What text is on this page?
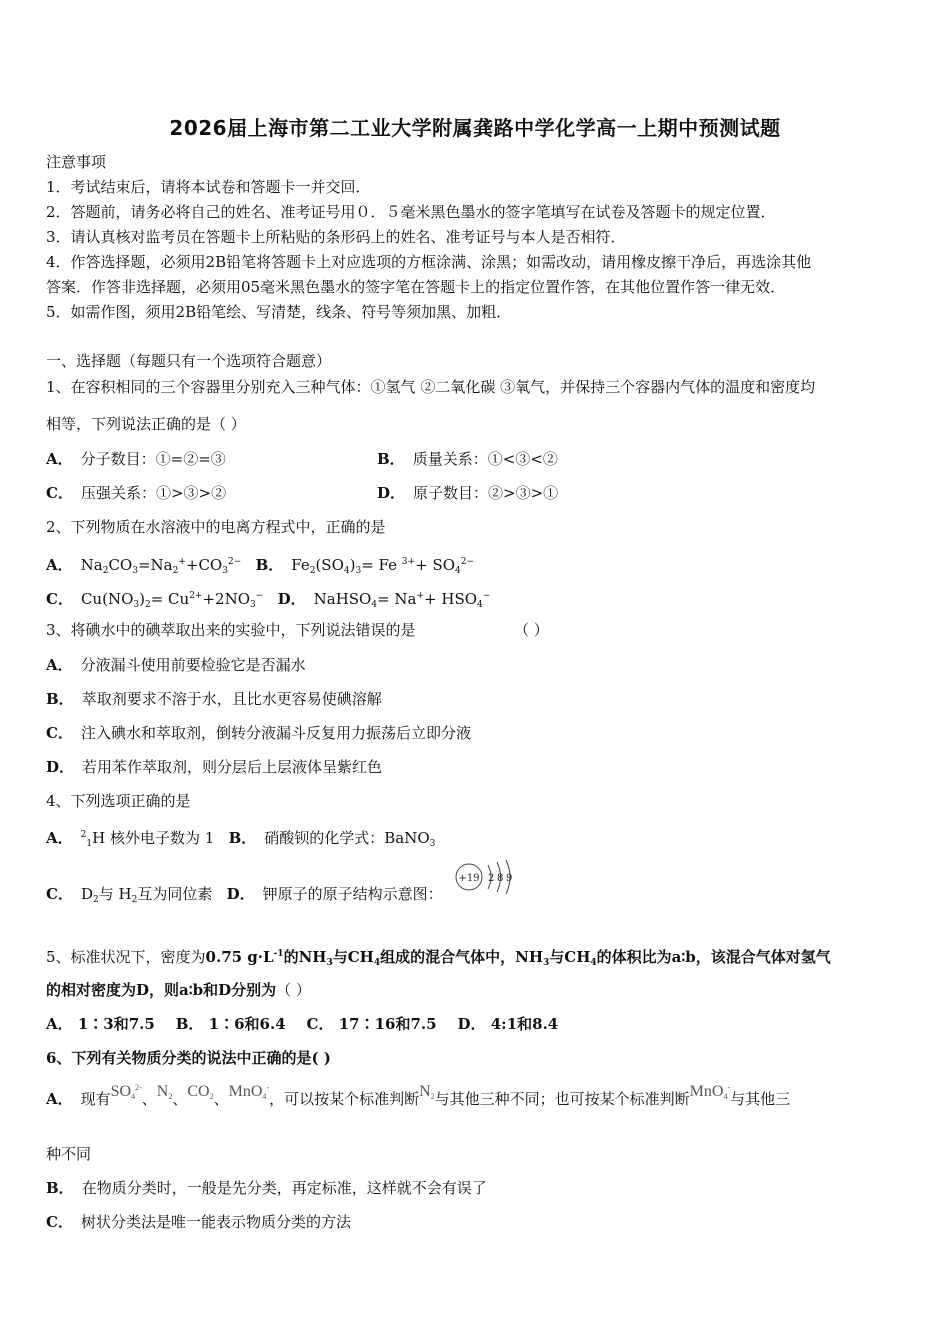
2026届上海市第二工业大学附属龚路中学化学高一上期中预测试题
注意事项
1．考试结束后，请将本试卷和答题卡一并交回．
2．答题前，请务必将自己的姓名、准考证号用０．５毫米黑色墨水的签字笔填写在试卷及答题卡的规定位置．
3．请认真核对监考员在答题卡上所粘贴的条形码上的姓名、准考证号与本人是否相符．
4．作答选择题，必须用2B铅笔将答题卡上对应选项的方框涂满、涂黑；如需改动，请用橡皮擦干净后，再选涂其他
答案．作答非选择题，必须用05毫米黑色墨水的签字笔在答题卡上的指定位置作答，在其他位置作答一律无效．
5．如需作图，须用2B铅笔绘、写清楚，线条、符号等须加黑、加粗．
一、选择题（每题只有一个选项符合题意）
1、在容积相同的三个容器里分别充入三种气体：①氢气 ②二氧化碳 ③氧气，并保持三个容器内气体的温度和密度均
相等，下列说法正确的是（ ）
A． 分子数目：①=②=③	B． 质量关系：①<③<②
C． 压强关系：①>③>②	D． 原子数目：②>③>①
2、下列物质在水溶液中的电离方程式中，正确的是
A． $Na_2CO_3=Na_2^++CO_3^{2-}$ B． $Fe_2(SO_4)_3= Fe$ $^{3+}+ SO_4^{2-}$
C． $Cu(NO_3)_2= Cu^{2+}+2NO_3^-$ D． NaHSO$_4$= $Na^++ HSO_4^-$
3、将碘水中的碘萃取出来的实验中，下列说法错误的是	（ ）
A． 分液漏斗使用前要检验它是否漏水
B． 萃取剂要求不溶于水，且比水更容易使碘溶解
C． 注入碘水和萃取剂，倒转分液漏斗反复用力振荡后立即分液
D． 若用苯作萃取剂，则分层后上层液体呈紫红色
4、下列选项正确的是
A． $^2_1$H 核外电子数为 1   B． 硝酸钡的化学式：BaNO$_3$
C． $D_2$与 $H_2$互为同位素   D． 钾原子的原子结构示意图：
+19 2 8 9
5、标准状况下，密度为0.75 $g\cdot L^{-1}$的$NH_3$与$CH_4$组成的混合气体中，$NH_3$与$CH_4$的体积比为a∶b，该混合气体对氢气
的相对密度为D，则a∶b和D分别为（ ）
A． 1∶3和7.5 B． 1∶6和6.4 C． 17∶16和7.5 D． 4:1和8.4
6、下列有关物质分类的说法中正确的是( )
A． 现有$SO_4^{2-}$、$N_2$、$CO_2$、MnO$_4$-，可以按某个标准判断$N_2$与其他三种不同；也可按某个标准判断MnO$_4$-与其他三
种不同
B． 在物质分类时，一般是先分类，再定标准，这样就不会有误了
C． 树状分类法是唯一能表示物质分类的方法
